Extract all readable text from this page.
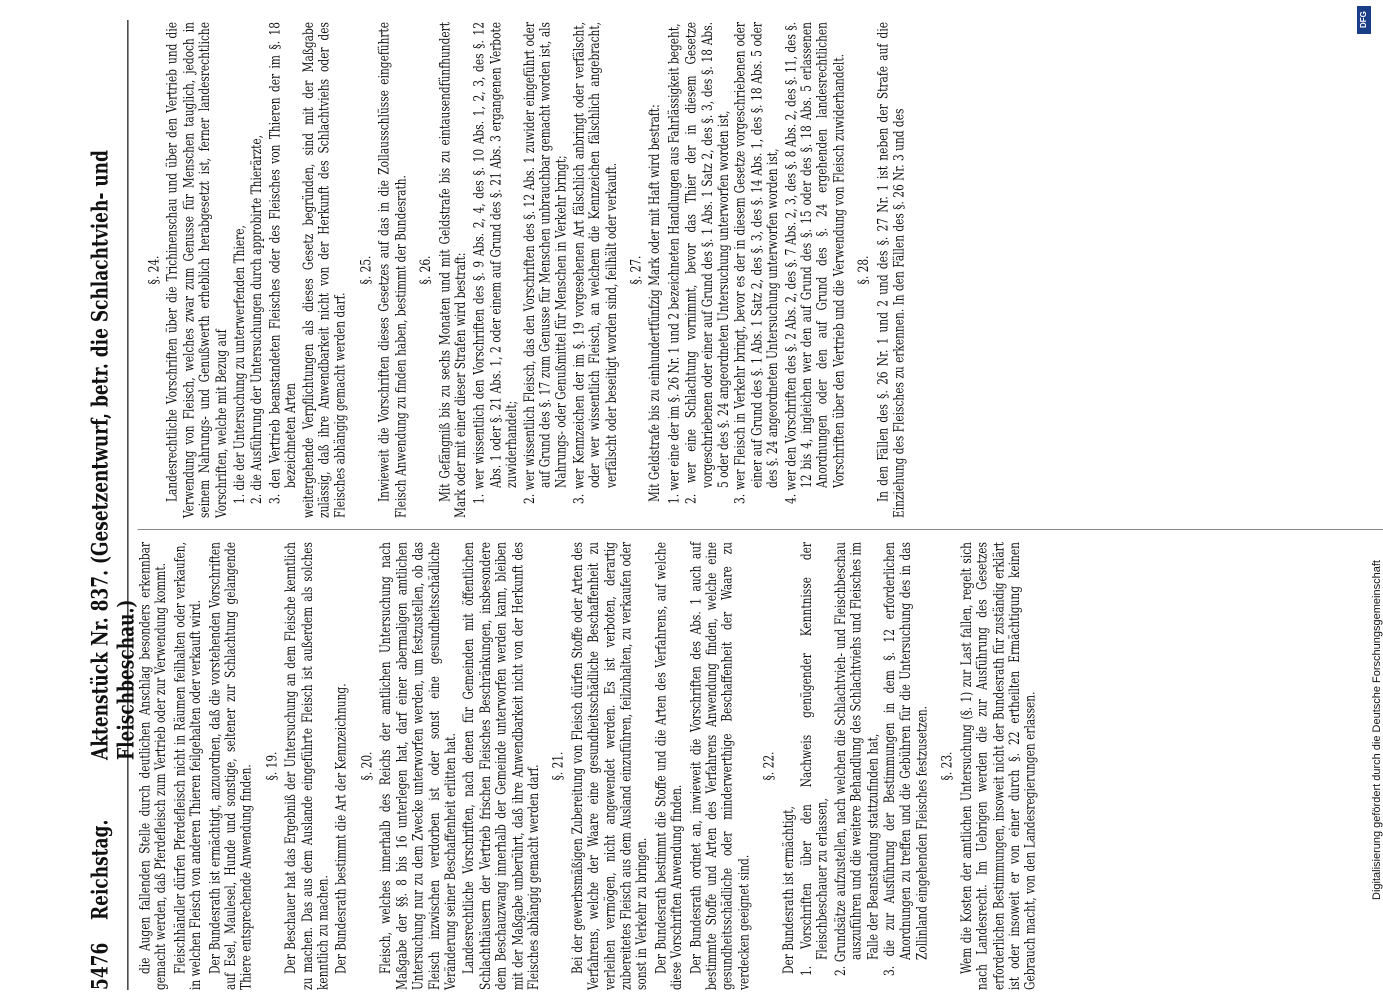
5476
Reichstag.
Aktenstück Nr. 837. (Gesetzentwurf, betr. die Schlachtvieh- und Fleischbeschau.)

die Augen fallenden Stelle durch deutlichen Anschlag besonders erkennbar gemacht werden, daß Pferdefleisch zum Vertrieb oder zur Verwendung kommt. Fleischhändler dürfen Pferdefleisch nicht in Räumen feilhalten oder verkaufen, in welchen Fleisch von anderen Thieren feilgehalten oder verkauft wird. Der Bundesrath ist ermächtigt, anzuordnen, daß die vorstehenden Vorschriften auf Esel, Maulesel, Hunde und sonstige, seltener zur Schlachtung gelangende Thiere entsprechende Anwendung finden. §. 19. Der Beschauer hat das Ergebniß der Untersuchung an dem Fleische kenntlich zu machen. Das aus dem Auslande eingeführte Fleisch ist außerdem als solches kenntlich zu machen. Der Bundesrath bestimmt die Art der Kennzeichnung. §. 20. Fleisch, welches innerhalb des Reichs der amtlichen Untersuchung nach Maßgabe der §§. 8 bis 16 unterlegen hat, darf einer abermaligen amtlichen Untersuchung nur zu dem Zwecke unterworfen werden, um festzustellen, ob das Fleisch inzwischen verdorben ist oder sonst eine gesundheitsschädliche Veränderung seiner Beschaffenheit erlitten hat. Landesrechtliche Vorschriften, nach denen für Gemeinden mit öffentlichen Schlachthäusern der Vertrieb frischen Fleisches Beschränkungen, insbesondere dem Beschauzwang innerhalb der Gemeinde unterworfen werden kann, bleiben mit der Maßgabe unberührt, daß ihre Anwendbarkeit nicht von der Herkunft des Fleisches abhängig gemacht werden darf. §. 21. Bei der gewerbsmäßigen Zubereitung von Fleisch dürfen Stoffe oder Arten des Verfahrens, welche der Waare eine gesundheitsschädliche Beschaffenheit zu verleihen vermögen, nicht angewendet werden. Es ist verboten, derartig zubereitetes Fleisch aus dem Ausland einzuführen, feilzuhalten, zu verkaufen oder sonst in Verkehr zu bringen. Der Bundesrath bestimmt die Stoffe und die Arten des Verfahrens, auf welche diese Vorschriften Anwendung finden. Der Bundesrath ordnet an, inwieweit die Vorschriften des Abs. 1 auch auf bestimmte Stoffe und Arten des Verfahrens Anwendung finden, welche eine gesundheitsschädliche oder minderwerthige Beschaffenheit der Waare zu verdecken geeignet sind.

§. 22.

Der Bundesrath ist ermächtigt, 1. Vorschriften über den Nachweis genügender Kenntnisse der Fleischbeschauer zu erlassen, 2. Grundsätze aufzustellen, nach welchen die Schlachtvieh- und Fleischbeschau auszuführen und die weitere Behandlung des Schlachtviehs und Fleisches im Falle der Beanstandung stattzufinden hat, 3. die zur Ausführung der Bestimmungen in dem §. 12 erforderlichen Anordnungen zu treffen und die Gebühren für die Untersuchung des in das Zollinland eingehenden Fleisches festzusetzen. §. 23. Wem die Kosten der amtlichen Untersuchung (§. 1) zur Last fallen, regelt sich nach Landesrecht. Im Uebrigen werden die zur Ausführung des Gesetzes erforderlichen Bestimmungen, insoweit nicht der Bundesrath für zuständig erklärt ist oder insoweit er von einer durch §. 22 ertheilten Ermächtigung keinen Gebrauch macht, von den Landesregierungen erlassen.

§. 24. Landesrechtliche Vorschriften über die Trichinenschau und über den Vertrieb und die Verwendung von Fleisch, welches zwar zum Genusse für Menschen tauglich, jedoch in seinem Nahrungs- und Genußwerth erheblich herabgesetzt ist, ferner landesrechtliche Vorschriften, welche mit Bezug auf 1. die der Untersuchung zu unterwerfenden Thiere, 2. die Ausführung der Untersuchungen durch approbirte Thierärzte, 3. den Vertrieb beanstandeten Fleisches oder des Fleisches von Thieren der im §. 18 bezeichneten Arten weitergehende Verpflichtungen als dieses Gesetz begründen, sind mit der Maßgabe zulässig, daß ihre Anwendbarkeit nicht von der Herkunft des Schlachtviehs oder des Fleisches abhängig gemacht werden darf.

§. 25. Inwieweit die Vorschriften dieses Gesetzes auf das in die Zollausschlüsse eingeführte Fleisch Anwendung zu finden haben, bestimmt der Bundesrath. §. 26. Mit Gefängniß bis zu sechs Monaten und mit Geldstrafe bis zu eintausendfünfhundert Mark oder mit einer dieser Strafen wird bestraft: 1. wer wissentlich den Vorschriften des §. 9 Abs. 2, 4, des §. 10 Abs. 1, 2, 3, des §. 12 Abs. 1 oder §. 21 Abs. 1, 2 oder einem auf Grund des §. 21 Abs. 3 ergangenen Verbote zuwiderhandelt; 2. wer wissentlich Fleisch, das den Vorschriften des §. 12 Abs. 1 zuwider eingeführt oder auf Grund des §. 17 zum Genusse für Menschen unbrauchbar gemacht worden ist, als Nahrungs- oder Genußmittel für Menschen in Verkehr bringt; 3. wer Kennzeichen der im §. 19 vorgesehenen Art fälschlich anbringt oder verfälscht, oder wer wissentlich Fleisch, an welchem die Kennzeichen fälschlich angebracht, verfälscht oder beseitigt worden sind, feilhält oder verkauft. §. 27. Mit Geldstrafe bis zu einhundertfünfzig Mark oder mit Haft wird bestraft: 1. wer eine der im §. 26 Nr. 1 und 2 bezeichneten Handlungen aus Fahrlässigkeit begeht, 2. wer eine Schlachtung vornimmt, bevor das Thier der in diesem Gesetze vorgeschriebenen oder einer auf Grund des §. 1 Abs. 1 Satz 2, des §. 3, des §. 18 Abs. 5 oder des §. 24 angeordneten Untersuchung unterworfen worden ist, 3. wer Fleisch in Verkehr bringt, bevor es der in diesem Gesetze vorgeschriebenen oder einer auf Grund des §. 1 Abs. 1 Satz 2, des §. 3, des §. 14 Abs. 1, des §. 18 Abs. 5 oder des §. 24 angeordneten Untersuchung unterworfen worden ist, 4. wer den Vorschriften des §. 2 Abs. 2, des §. 7 Abs. 2, 3, des §. 8 Abs. 2, des §. 11, des §. 12 bis 4, ingleichen wer den auf Grund des §. 15 oder des §. 18 Abs. 5 erlassenen Anordnungen oder den auf Grund des §. 24 ergehenden landesrechtlichen Vorschriften über den Vertrieb und die Verwendung von Fleisch zuwiderhandelt. §. 28. In den Fällen des §. 26 Nr. 1 und 2 und des §. 27 Nr. 1 ist neben der Strafe auf die Einziehung des Fleisches zu erkennen. In den Fällen des §. 26 Nr. 3 und des

DFG
Digitalisierung gefördert durch die Deutsche Forschungsgemeinschaft
